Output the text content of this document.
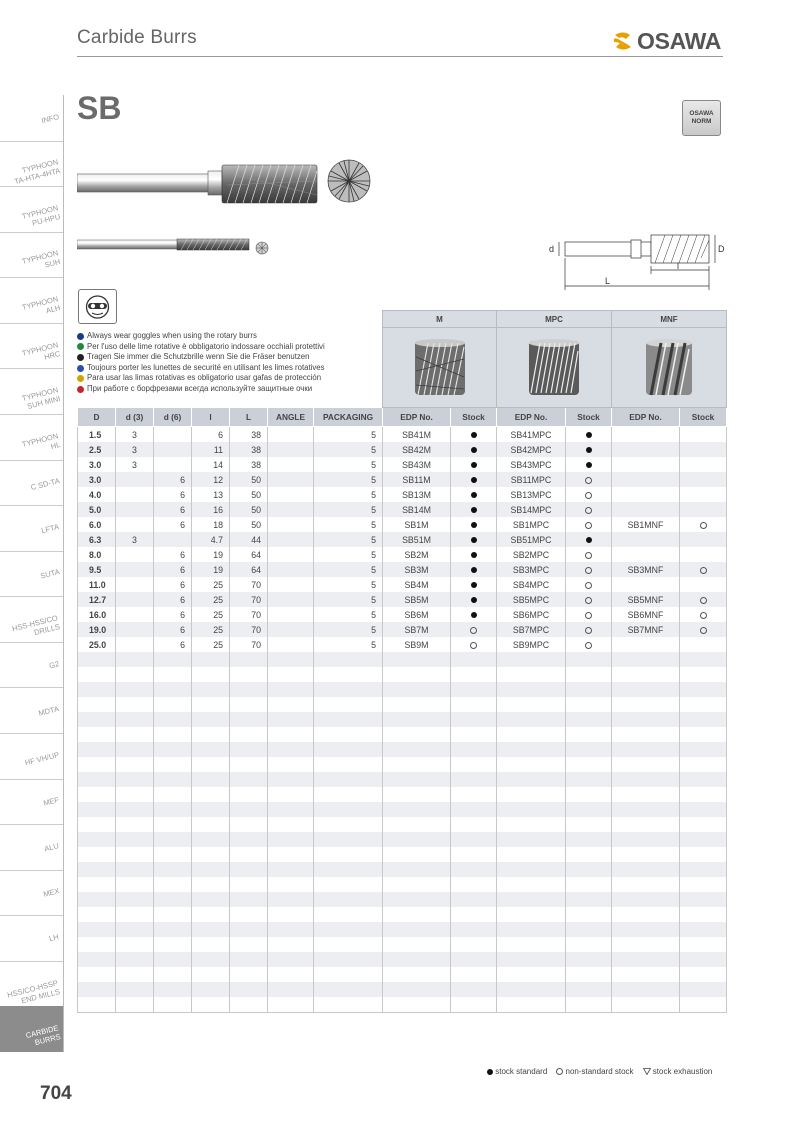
Carbide Burrs	OSAWA
INFO
TYPHOON
TA-HTA-4HTA
TYPHOON
PU-HPU
TYPHOON
SUH
TYPHOON
ALH
TYPHOON
HRC
TYPHOON
SUH MINI
TYPHOON
HL
C SD-TA
LFTA
SUTA
HSS-HSS/CO
DRILLS
G2
MDTA
HF VH/UP
MEF
ALU
MEX
LH
HSS/CO-HSSP
END MILLS
CARBIDE
BURRS
704
SB	OSAWA
NORM
d	D
l
L
Always wear goggles when using the rotary burrs
Per l'uso delle lime rotative è obbligatorio indossare occhiali protettivi
Tragen Sie immer die Schutzbrille wenn Sie die Fräser benutzen
Toujours porter les lunettes de securité en utilisant les limes rotatives
Para usar las limas rotativas es obligatorio usar gafas de protección
При работе с борфрезами всегда используйте защитные очки
							M		MPC		MNF	

D	d (3)	d (6)	l	L	ANGLE	PACKAGING	EDP No.	Stock	EDP No.	Stock	EDP No.	Stock
1.5	3		6	38		5	SB41M		SB41MPC			
2.5	3		11	38		5	SB42M		SB42MPC			
3.0	3		14	38		5	SB43M		SB43MPC			
3.0		6	12	50		5	SB11M		SB11MPC			
4.0		6	13	50		5	SB13M		SB13MPC			
5.0		6	16	50		5	SB14M		SB14MPC			
6.0		6	18	50		5	SB1M		SB1MPC		SB1MNF	
6.3	3		4.7	44		5	SB51M		SB51MPC			
8.0		6	19	64		5	SB2M		SB2MPC			
9.5		6	19	64		5	SB3M		SB3MPC		SB3MNF	
11.0		6	25	70		5	SB4M		SB4MPC			
12.7		6	25	70		5	SB5M		SB5MPC		SB5MNF	
16.0		6	25	70		5	SB6M		SB6MPC		SB6MNF	
19.0		6	25	70		5	SB7M		SB7MPC		SB7MNF	
25.0		6	25	70		5	SB9M		SB9MPC			

stock standard
non-standard stock
stock exhaustion
